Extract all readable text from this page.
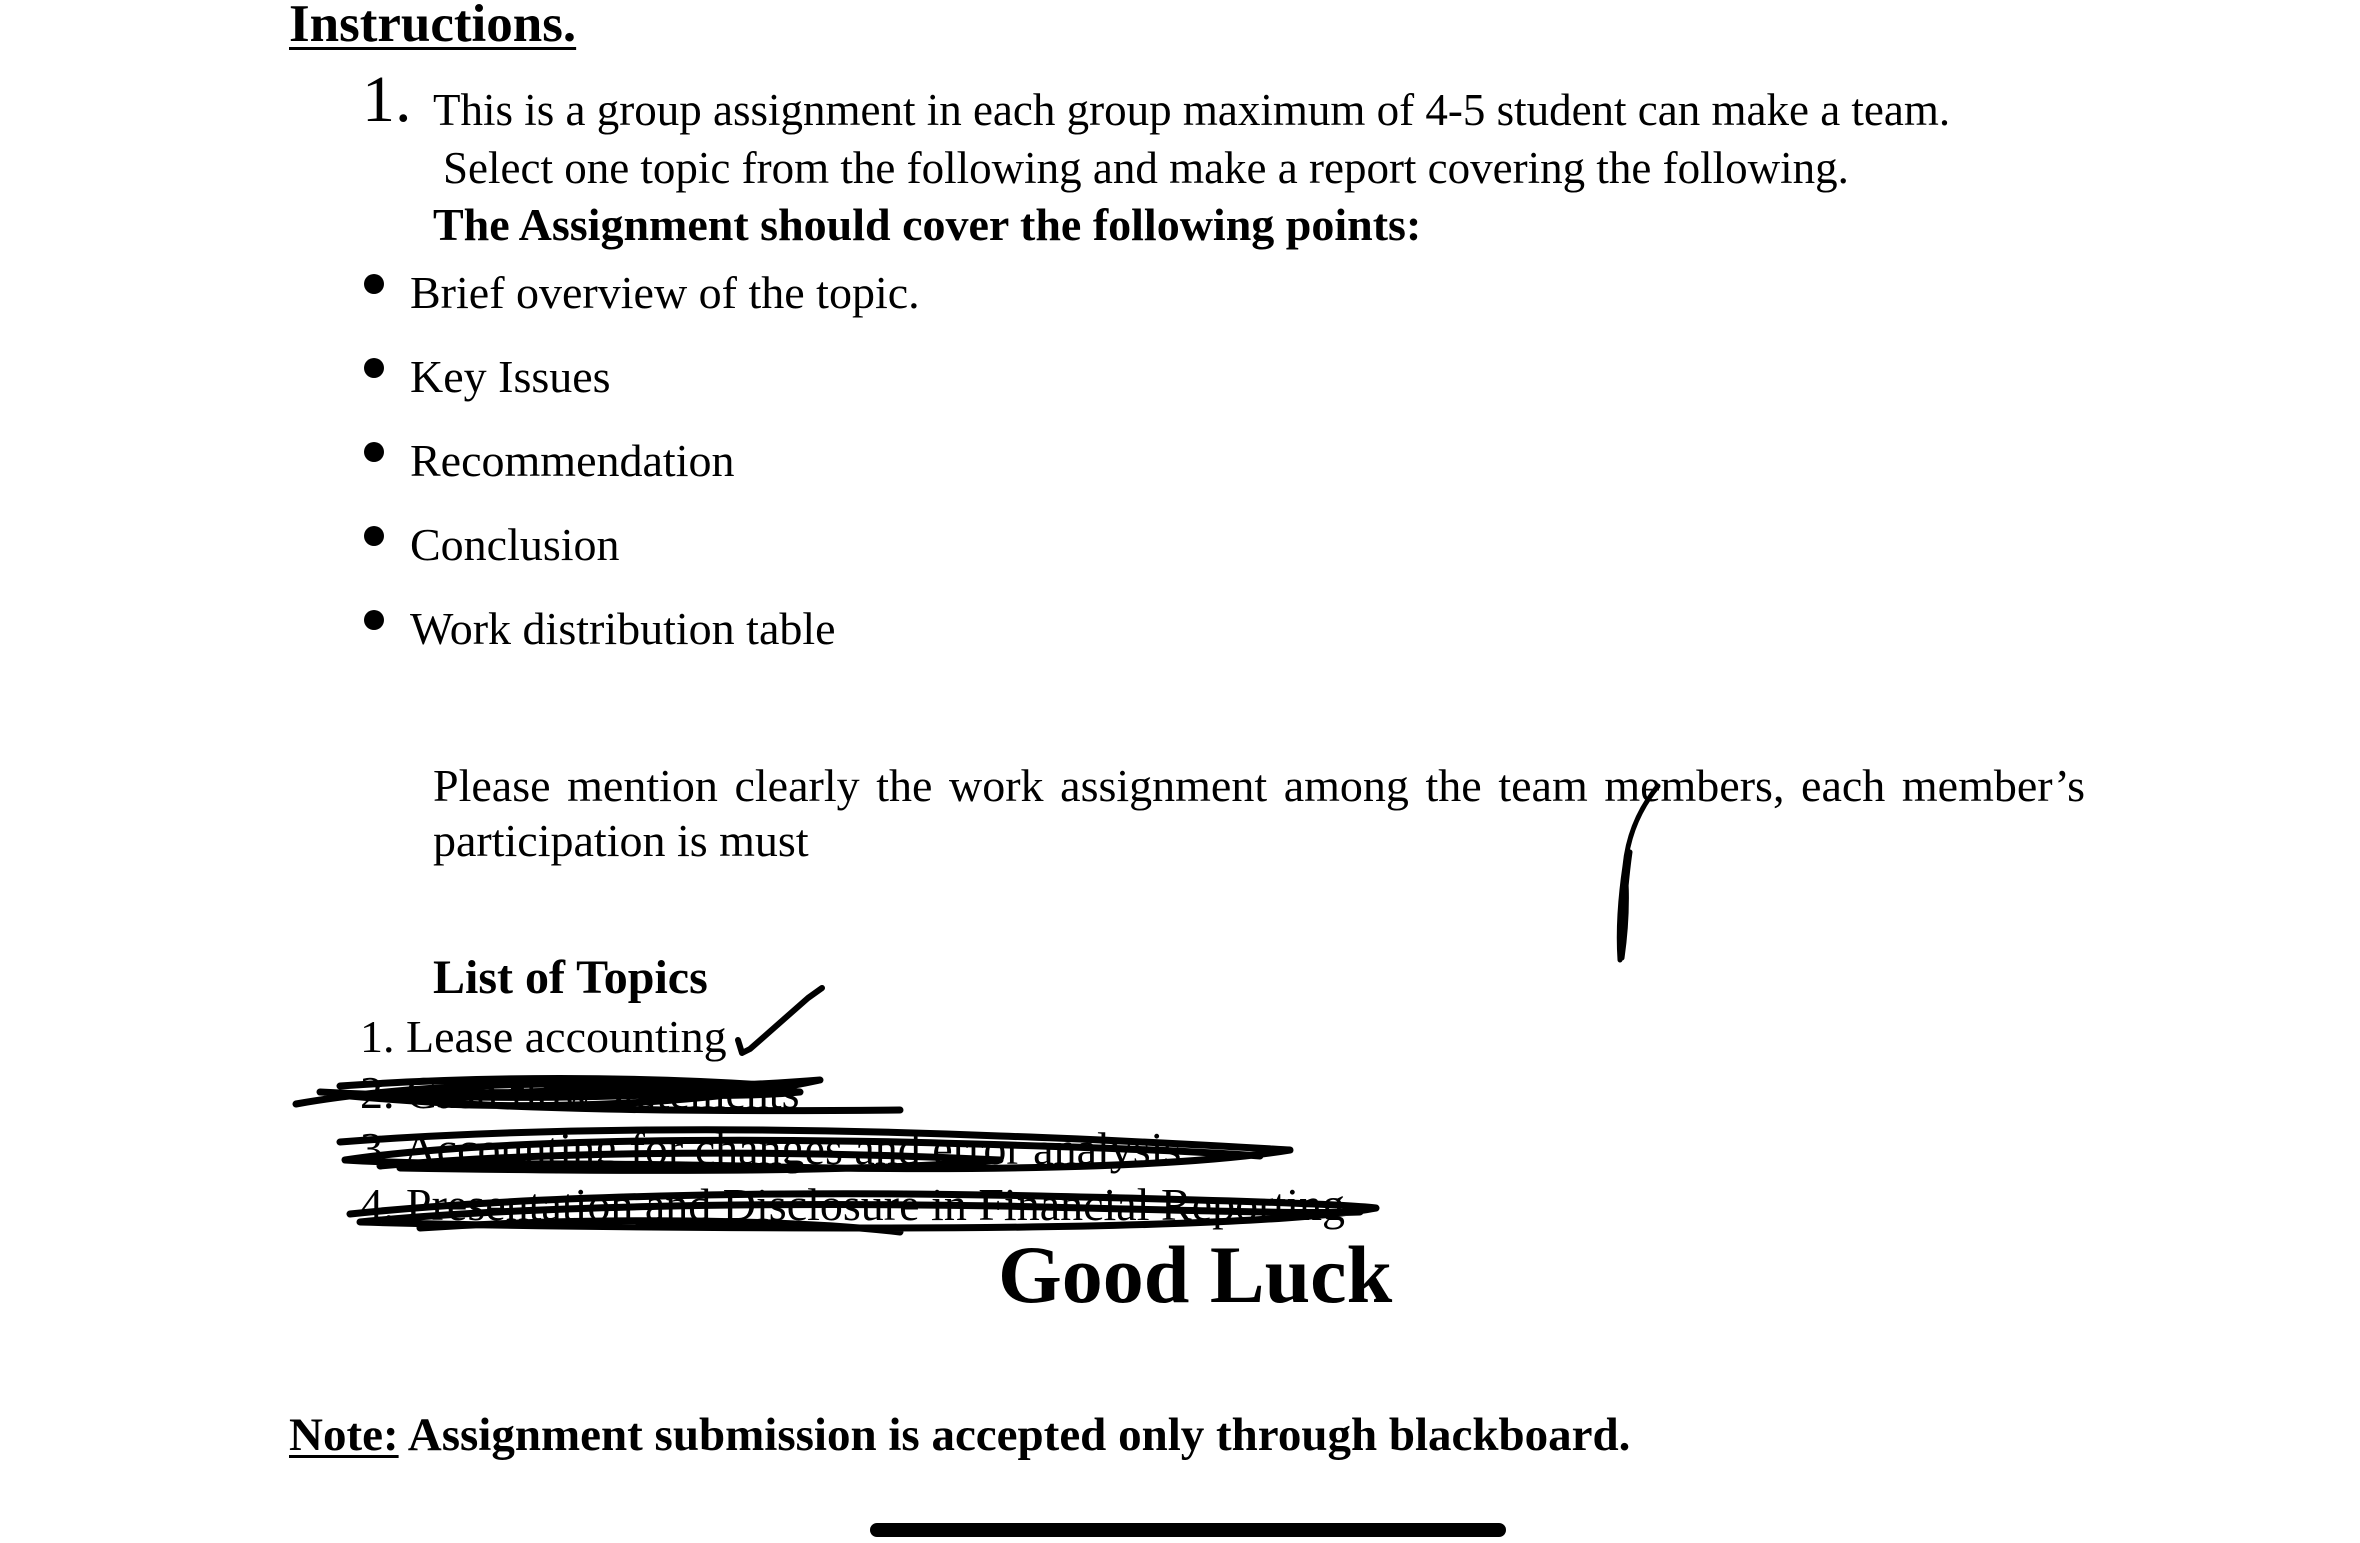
Instructions.
1. This is a group assignment in each group maximum of 4-5 student can make a team.
Select one topic from the following and make a report covering the following.
The Assignment should cover the following points:
Brief overview of the topic.
Key Issues
Recommendation
Conclusion
Work distribution table
Please mention clearly the work assignment among the team members, each member’s participation is must
List of Topics
1. Lease accounting
2. Cash flow statements
3. Accounting for changes and error analysis
4. Presentation and Disclosure in Financial Reporting
Good Luck
Note: Assignment submission is accepted only through blackboard.
